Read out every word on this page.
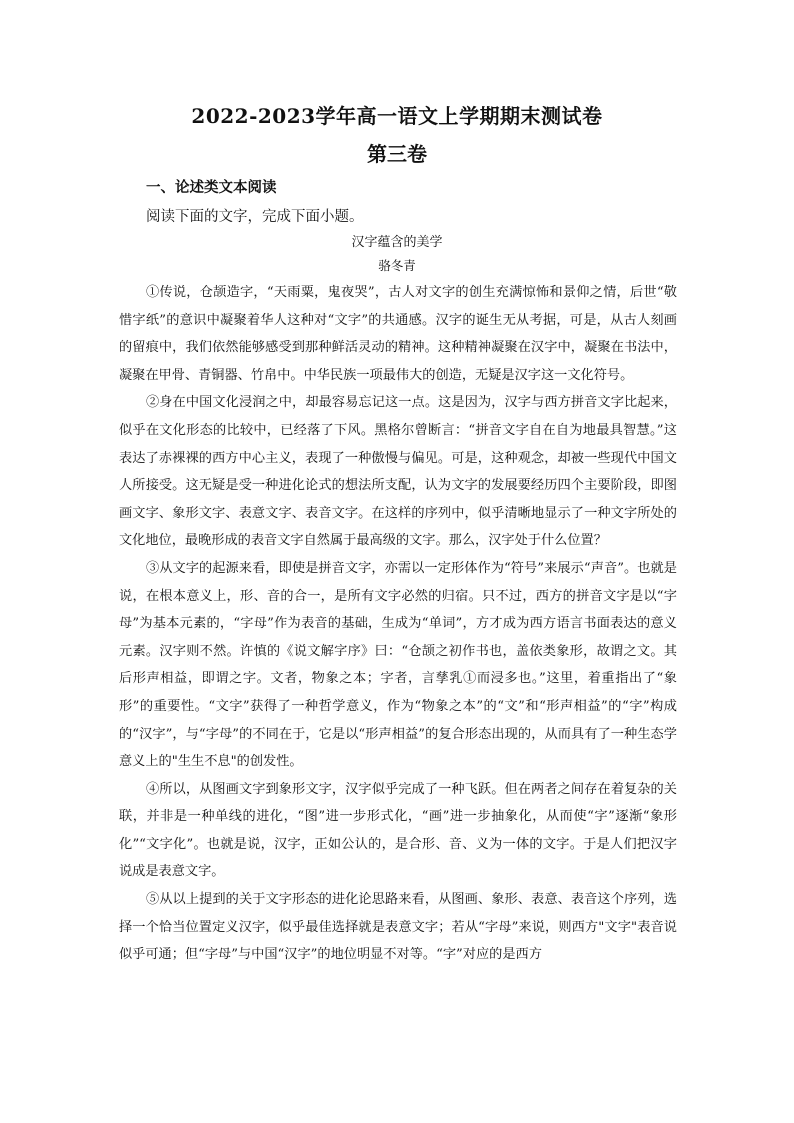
2022-2023学年高一语文上学期期末测试卷
第三卷
一、论述类文本阅读
阅读下面的文字，完成下面小题。
汉字蕴含的美学
骆冬青

①传说，仓颉造字，“天雨粟，鬼夜哭”，古人对文字的创生充满惊怖和景仰之情，后世“敬惜字纸”的意识中凝聚着华人这种对“文字”的共通感。汉字的诞生无从考据，可是，从古人刻画的留痕中，我们依然能够感受到那种鲜活灵动的精神。这种精神凝聚在汉字中，凝聚在书法中，凝聚在甲骨、青铜器、竹帛中。中华民族一项最伟大的创造，无疑是汉字这一文化符号。

②身在中国文化浸润之中，却最容易忘记这一点。这是因为，汉字与西方拼音文字比起来，似乎在文化形态的比较中，已经落了下风。黑格尔曾断言：“拼音文字自在自为地最具智慧。”这表达了赤裸裸的西方中心主义，表现了一种傲慢与偏见。可是，这种观念，却被一些现代中国文人所接受。这无疑是受一种进化论式的想法所支配，认为文字的发展要经历四个主要阶段，即图画文字、象形文字、表意文字、表音文字。在这样的序列中，似乎清晰地显示了一种文字所处的文化地位，最晚形成的表音文字自然属于最高级的文字。那么，汉字处于什么位置？

③从文字的起源来看，即使是拼音文字，亦需以一定形体作为“符号”来展示“声音”。也就是说，在根本意义上，形、音的合一，是所有文字必然的归宿。只不过，西方的拼音文字是以“字母”为基本元素的，“字母”作为表音的基础，生成为“单词”，方才成为西方语言书面表达的意义元素。汉字则不然。许慎的《说文解字序》曰：“仓颉之初作书也，盖依类象形，故谓之文。其后形声相益，即谓之字。文者，物象之本；字者，言孳乳①而浸多也。”这里，着重指出了“象形”的重要性。“文字”获得了一种哲学意义，作为“物象之本”的“文”和“形声相益”的“字”构成的“汉字”，与“字母”的不同在于，它是以“形声相益”的复合形态出现的，从而具有了一种生态学意义上的"生生不息"的创发性。

④所以，从图画文字到象形文字，汉字似乎完成了一种飞跃。但在两者之间存在着复杂的关联，并非是一种单线的进化，“图”进一步形式化，“画”进一步抽象化，从而使“字”逐渐“象形化”“文字化”。也就是说，汉字，正如公认的，是合形、音、义为一体的文字。于是人们把汉字说成是表意文字。

⑤从以上提到的关于文字形态的进化论思路来看，从图画、象形、表意、表音这个序列，选择一个恰当位置定义汉字，似乎最佳选择就是表意文字；若从“字母”来说，则西方"文字"表音说似乎可通；但“字母”与中国“汉字”的地位明显不对等。“字”对应的是西方
